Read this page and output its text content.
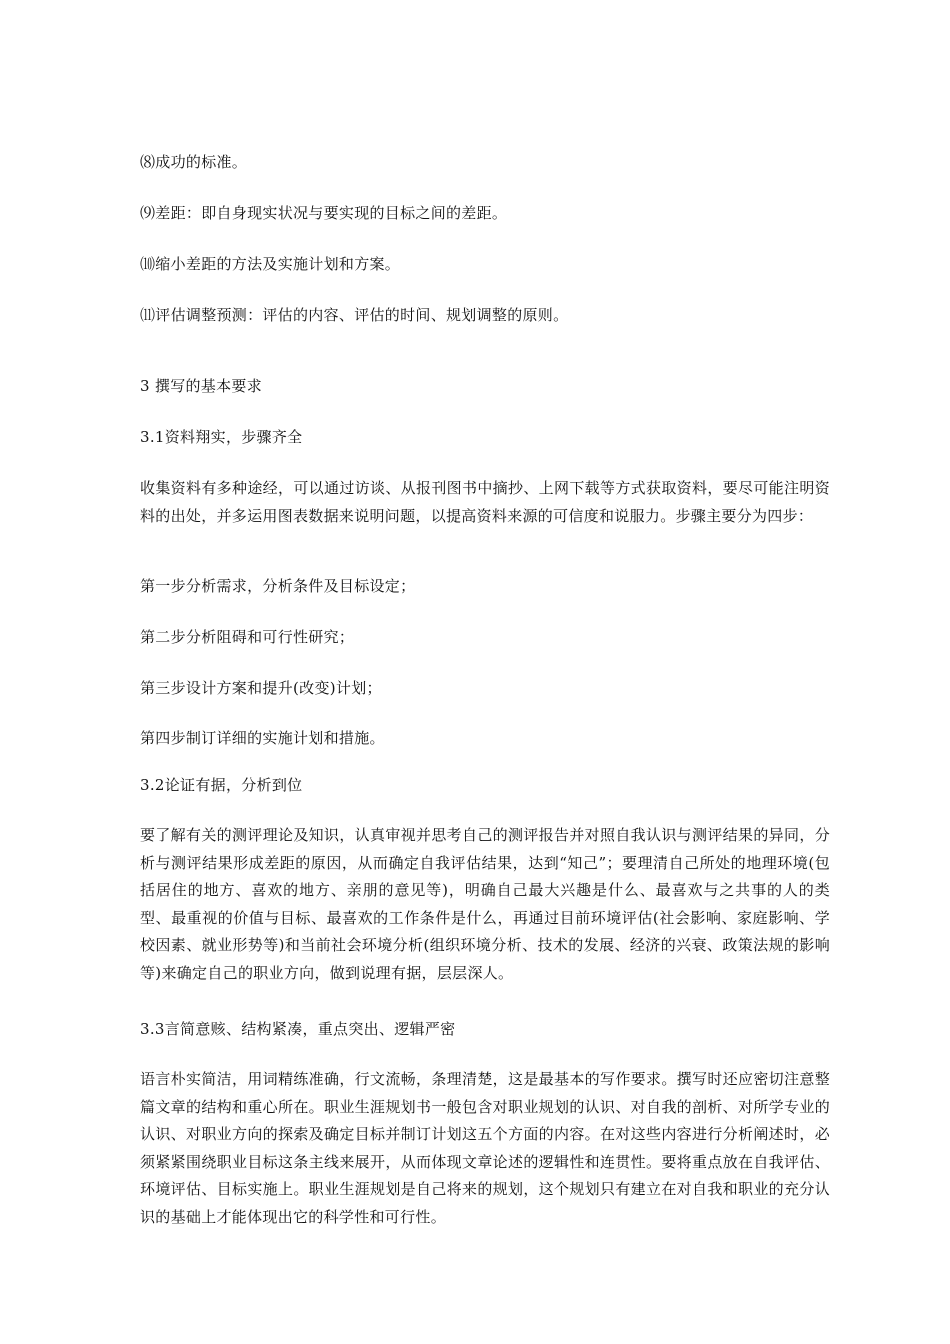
⑻成功的标准。
⑼差距：即自身现实状况与要实现的目标之间的差距。
⑽缩小差距的方法及实施计划和方案。
⑾评估调整预测：评估的内容、评估的时间、规划调整的原则。
3 撰写的基本要求
3.1资料翔实，步骤齐全
收集资料有多种途经，可以通过访谈、从报刊图书中摘抄、上网下载等方式获取资料，要尽可能注明资料的出处，并多运用图表数据来说明问题，以提高资料来源的可信度和说服力。步骤主要分为四步：
第一步分析需求，分析条件及目标设定；
第二步分析阻碍和可行性研究；
第三步设计方案和提升(改变)计划；
第四步制订详细的实施计划和措施。
3.2论证有据，分析到位
要了解有关的测评理论及知识，认真审视并思考自己的测评报告并对照自我认识与测评结果的异同，分析与测评结果形成差距的原因，从而确定自我评估结果，达到“知己”；要理清自己所处的地理环境(包括居住的地方、喜欢的地方、亲朋的意见等)，明确自己最大兴趣是什么、最喜欢与之共事的人的类型、最重视的价值与目标、最喜欢的工作条件是什么，再通过目前环境评估(社会影响、家庭影响、学校因素、就业形势等)和当前社会环境分析(组织环境分析、技术的发展、经济的兴衰、政策法规的影响等)来确定自己的职业方向，做到说理有据，层层深人。
3.3言简意赅、结构紧凑，重点突出、逻辑严密
语言朴实简洁，用词精练准确，行文流畅，条理清楚，这是最基本的写作要求。撰写时还应密切注意整篇文章的结构和重心所在。职业生涯规划书一般包含对职业规划的认识、对自我的剖析、对所学专业的认识、对职业方向的探索及确定目标并制订计划这五个方面的内容。在对这些内容进行分析阐述时，必须紧紧围绕职业目标这条主线来展开，从而体现文章论述的逻辑性和连贯性。要将重点放在自我评估、环境评估、目标实施上。职业生涯规划是自己将来的规划，这个规划只有建立在对自我和职业的充分认识的基础上才能体现出它的科学性和可行性。
